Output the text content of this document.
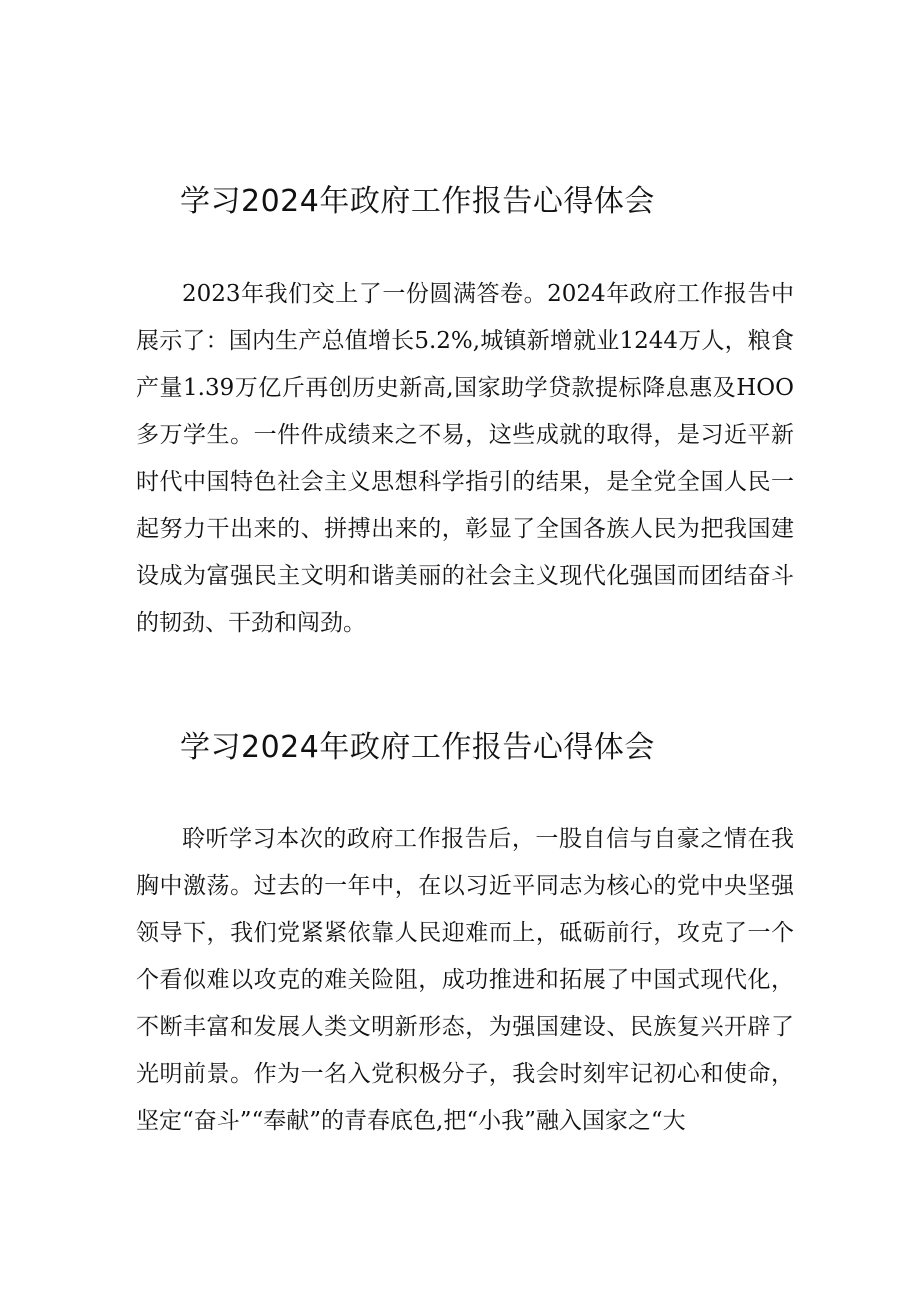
学习2024年政府工作报告心得体会

2023年我们交上了一份圆满答卷。2024年政府工作报告中展示了：国内生产总值增长5.2%,城镇新增就业1244万人，粮食产量1.39万亿斤再创历史新高,国家助学贷款提标降息惠及HOO多万学生。一件件成绩来之不易，这些成就的取得，是习近平新时代中国特色社会主义思想科学指引的结果，是全党全国人民一起努力干出来的、拼搏出来的，彰显了全国各族人民为把我国建设成为富强民主文明和谐美丽的社会主义现代化强国而团结奋斗的韧劲、干劲和闯劲。

学习2024年政府工作报告心得体会

聆听学习本次的政府工作报告后，一股自信与自豪之情在我胸中激荡。过去的一年中，在以习近平同志为核心的党中央坚强领导下，我们党紧紧依靠人民迎难而上，砥砺前行，攻克了一个个看似难以攻克的难关险阻，成功推进和拓展了中国式现代化，不断丰富和发展人类文明新形态，为强国建设、民族复兴开辟了光明前景。作为一名入党积极分子，我会时刻牢记初心和使命，坚定“奋斗”“奉献”的青春底色,把“小我”融入国家之“大
